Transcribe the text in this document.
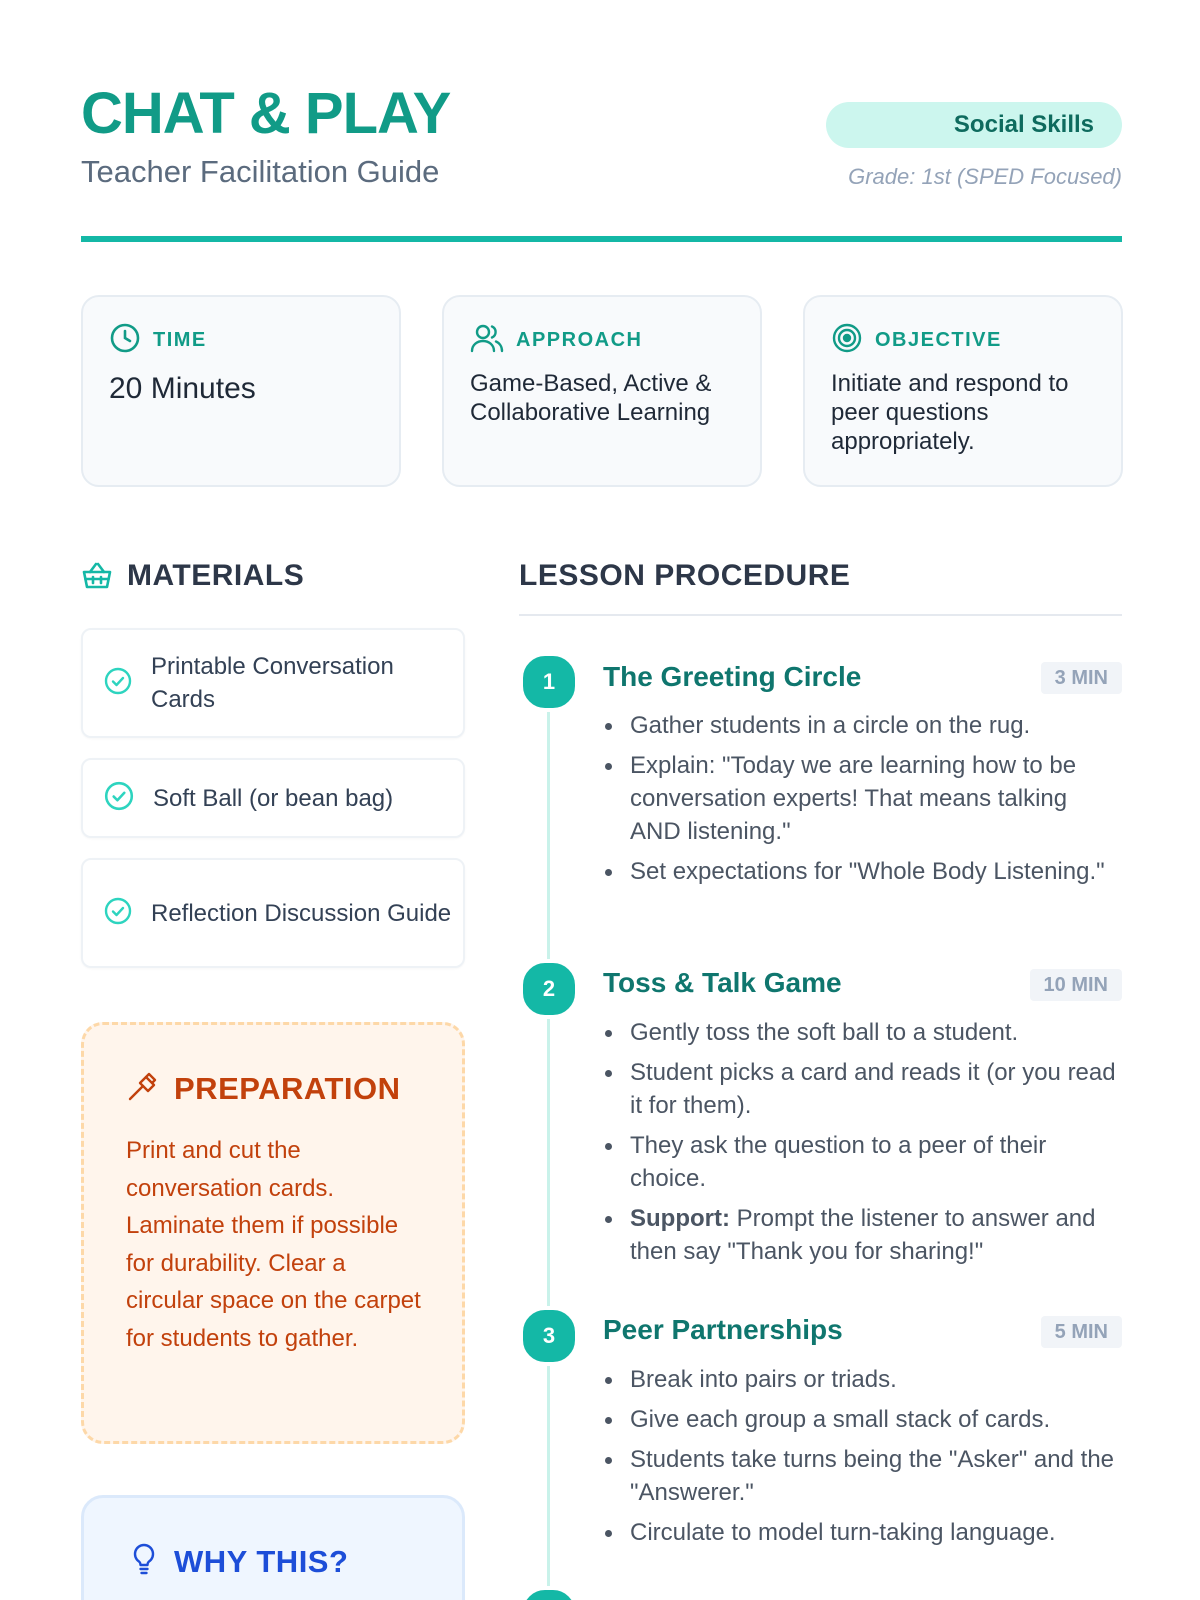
CHAT & PLAY
Teacher Facilitation Guide
Social Skills
Grade: 1st (SPED Focused)
TIME
20 Minutes
APPROACH
Game-Based, Active & Collaborative Learning
OBJECTIVE
Initiate and respond to peer questions appropriately.
MATERIALS
Printable Conversation Cards
Soft Ball (or bean bag)
Reflection Discussion Guide
PREPARATION

Print and cut the conversation cards. Laminate them if possible for durability. Clear a circular space on the carpet for students to gather.

WHY THIS?
LESSON PROCEDURE
1	The Greeting Circle	3 MIN
Gather students in a circle on the rug.
Explain: "Today we are learning how to be conversation experts! That means talking AND listening."
Set expectations for "Whole Body Listening."
2	Toss & Talk Game	10 MIN
Gently toss the soft ball to a student.
Student picks a card and reads it (or you read it for them).
They ask the question to a peer of their choice.
Support: Prompt the listener to answer and then say "Thank you for sharing!"
3	Peer Partnerships	5 MIN
Break into pairs or triads.
Give each group a small stack of cards.
Students take turns being the "Asker" and the "Answerer."
Circulate to model turn-taking language.
